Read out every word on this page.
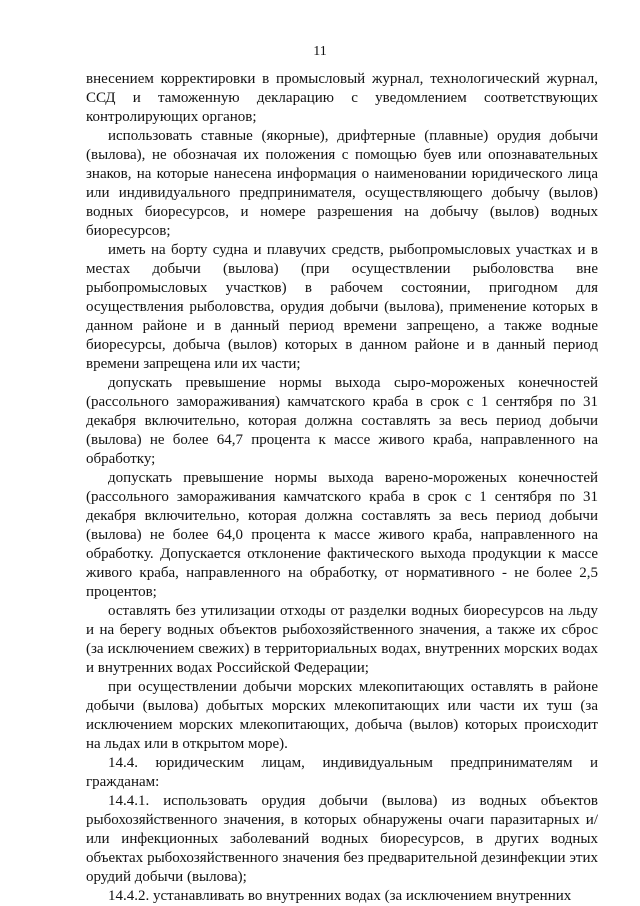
11

внесением корректировки в промысловый журнал, технологический журнал, ССД и таможенную декларацию с уведомлением соответствующих контролирующих органов;

использовать ставные (якорные), дрифтерные (плавные) орудия добычи (вылова), не обозначая их положения с помощью буев или опознавательных знаков, на которые нанесена информация о наименовании юридического лица или индивидуального предпринимателя, осуществляющего добычу (вылов) водных биоресурсов, и номере разрешения на добычу (вылов) водных биоресурсов;

иметь на борту судна и плавучих средств, рыбопромысловых участках и в местах добычи (вылова) (при осуществлении рыболовства вне рыбопромысловых участков) в рабочем состоянии, пригодном для осуществления рыболовства, орудия добычи (вылова), применение которых в данном районе и в данный период времени запрещено, а также водные биоресурсы, добыча (вылов) которых в данном районе и в данный период времени запрещена или их части;

допускать превышение нормы выхода сыро-мороженых конечностей (рассольного замораживания) камчатского краба в срок с 1 сентября по 31 декабря включительно, которая должна составлять за весь период добычи (вылова) не более 64,7 процента к массе живого краба, направленного на обработку;

допускать превышение нормы выхода варено-мороженых конечностей (рассольного замораживания камчатского краба в срок с 1 сентября по 31 декабря включительно, которая должна составлять за весь период добычи (вылова) не более 64,0 процента к массе живого краба, направленного на обработку. Допускается отклонение фактического выхода продукции к массе живого краба, направленного на обработку, от нормативного - не более 2,5 процентов;

оставлять без утилизации отходы от разделки водных биоресурсов на льду и на берегу водных объектов рыбохозяйственного значения, а также их сброс (за исключением свежих) в территориальных водах, внутренних морских водах и внутренних водах Российской Федерации;

при осуществлении добычи морских млекопитающих оставлять в районе добычи (вылова) добытых морских млекопитающих или части их туш (за исключением морских млекопитающих, добыча (вылов) которых происходит на льдах или в открытом море).

14.4. юридическим лицам, индивидуальным предпринимателям и гражданам:

14.4.1. использовать орудия добычи (вылова) из водных объектов рыбохозяйственного значения, в которых обнаружены очаги паразитарных и/или инфекционных заболеваний водных биоресурсов, в других водных объектах рыбохозяйственного значения без предварительной дезинфекции этих орудий добычи (вылова);

14.4.2. устанавливать во внутренних водах (за исключением внутренних
